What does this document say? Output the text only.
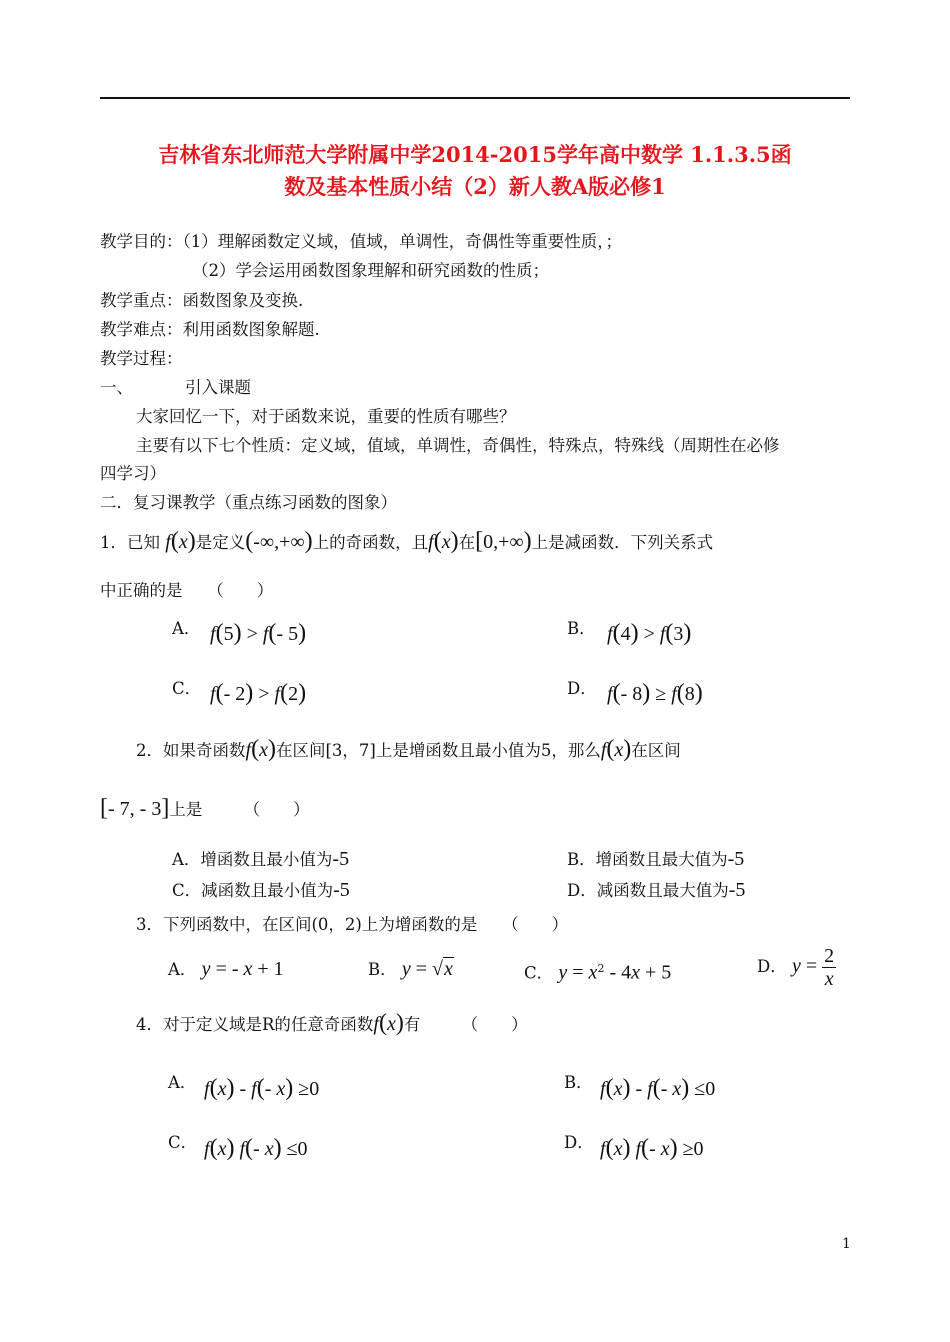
吉林省东北师范大学附属中学2014-2015学年高中数学 1.1.3.5函
数及基本性质小结（2）新人教A版必修1
教学目的：（1）理解函数定义域，值域，单调性，奇偶性等重要性质，；
（2）学会运用函数图象理解和研究函数的性质；
教学重点：函数图象及变换.
教学难点：利用函数图象解题.
教学过程：
一、	引入课题
大家回忆一下，对于函数来说，重要的性质有哪些？
主要有以下七个性质：定义域，值域，单调性，奇偶性，特殊点，特殊线（周期性在必修
四学习）
二．复习课教学（重点练习函数的图象）
1．已知 f(x)是定义(-∞,+∞)上的奇函数，且f(x)在[0,+∞)上是减函数．下列关系式
中正确的是　　（　　）
A． f(5) > f(- 5)	B． f(4) > f(3)
C． f(- 2) > f(2)	D． f(- 8) ≥ f(8)
2．如果奇函数f(x)在区间[3，7]上是增函数且最小值为5，那么f(x)在区间
[- 7, - 3]上是　　　（　　）
A．增函数且最小值为-5	B．增函数且最大值为-5
C．减函数且最小值为-5	D．减函数且最大值为-5
3．下列函数中，在区间(0，2)上为增函数的是　　（　　）
A． y = - x + 1	B． y = √x	C． $y = x^2 - 4x + 5$	D． $y = \frac{2}{x}$
4．对于定义域是R的任意奇函数f(x)有　　　（　　）
A． f(x) - f(- x) ≥0	B． f(x) - f(- x) ≤0
C． f(x) f(- x) ≤0	D． f(x) f(- x) ≥0
1
